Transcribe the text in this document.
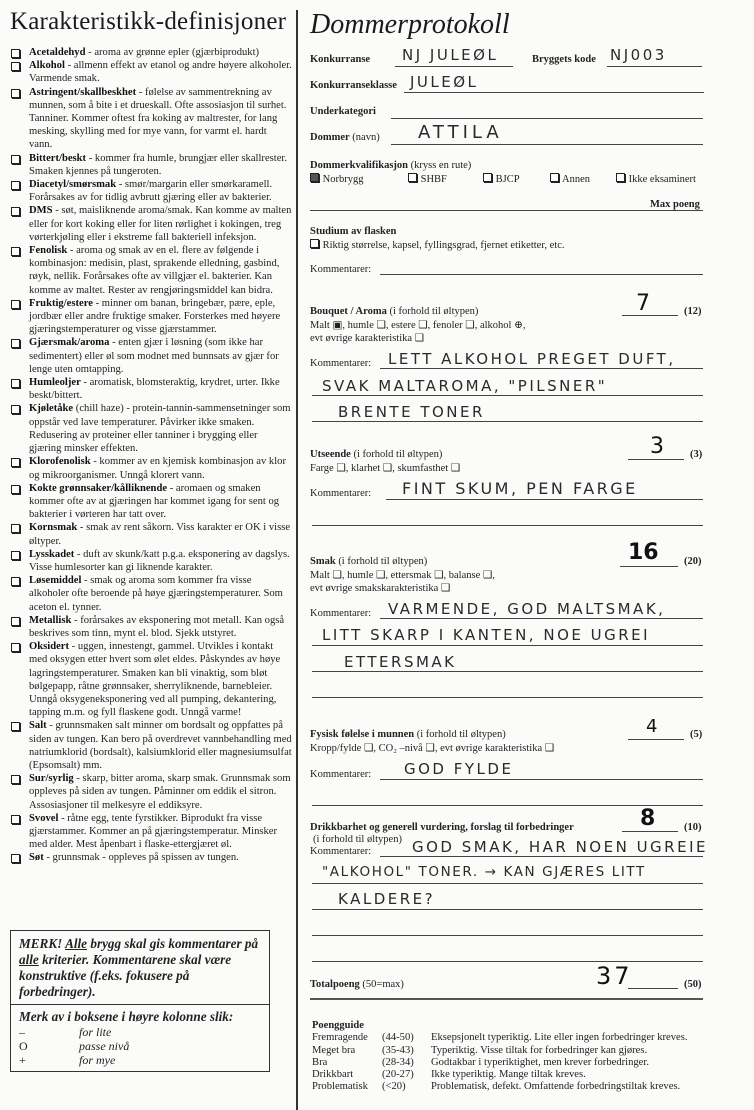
Karakteristikk-definisjoner
Acetaldehyd - aroma av grønne epler (gjærbiprodukt)
Alkohol - allmenn effekt av etanol og andre høyere alkoholer. Varmende smak.
Astringent/skallbeskhet - følelse av sammentrekning av munnen, som å bite i et drueskall. Ofte assosiasjon til surhet. Tanniner. Kommer oftest fra koking av maltrester, for lang mesking, skylling med for mye vann, for varmt el. hardt vann.
Bittert/beskt - kommer fra humle, brungjær eller skallrester. Smaken kjennes på tungeroten.
Diacetyl/smørsmak - smør/margarin eller smørkaramell. Forårsakes av for tidlig avbrutt gjæring eller av bakterier.
DMS - søt, maisliknende aroma/smak. Kan komme av malten eller for kort koking eller for liten rørlighet i kokingen, treg vørterkjøling eller i ekstreme fall bakteriell infeksjon.
Fenolisk - aroma og smak av en el. flere av følgende i kombinasjon: medisin, plast, sprakende elledning, gasbind, røyk, nellik. Forårsakes ofte av villgjær el. bakterier. Kan komme av maltet. Rester av rengjøringsmiddel kan bidra.
Fruktig/estere - minner om banan, bringebær, pære, eple, jordbær eller andre fruktige smaker. Forsterkes med høyere gjæringstemperaturer og visse gjærstammer.
Gjærsmak/aroma - enten gjær i løsning (som ikke har sedimentert) eller øl som modnet med bunnsats av gjær for lenge uten omtapping.
Humleoljer - aromatisk, blomsteraktig, krydret, urter. Ikke beskt/bittert.
Kjøletåke (chill haze) - protein-tannin-sammensetninger som oppstår ved lave temperaturer. Påvirker ikke smaken. Redusering av proteiner eller tanniner i brygging eller gjæring minsker effekten.
Klorofenolisk - kommer av en kjemisk kombinasjon av klor og mikroorganismer. Unngå klorert vann.
Kokte grønnsaker/kålliknende - aromaen og smaken kommer ofte av at gjæringen har kommet igang for sent og bakterier i vørteren har tatt over.
Kornsmak - smak av rent såkorn. Viss karakter er OK i visse øltyper.
Lysskadet - duft av skunk/katt p.g.a. eksponering av dagslys. Visse humlesorter kan gi liknende karakter.
Løsemiddel - smak og aroma som kommer fra visse alkoholer ofte beroende på høye gjæringstemperaturer. Som aceton el. tynner.
Metallisk - forårsakes av eksponering mot metall. Kan også beskrives som tinn, mynt el. blod. Sjekk utstyret.
Oksidert - uggen, innestengt, gammel. Utvikles i kontakt med oksygen etter hvert som ølet eldes. Påskyndes av høye lagringstemperaturer. Smaken kan bli vinaktig, som bløt bølgepapp, råtne grønnsaker, sherryliknende, barnebleier. Unngå oksygeneksponering ved all pumping, dekantering, tapping m.m. og fyll flaskene godt. Unngå varme!
Salt - grunnsmaken salt minner om bordsalt og oppfattes på siden av tungen. Kan bero på overdrevet vannbehandling med natriumklorid (bordsalt), kalsiumklorid eller magnesiumsulfat (Epsomsalt) mm.
Sur/syrlig - skarp, bitter aroma, skarp smak. Grunnsmak som oppleves på siden av tungen. Påminner om eddik el sitron. Assosiasjoner til melkesyre el eddiksyre.
Svovel - råtne egg, tente fyrstikker. Biprodukt fra visse gjærstammer. Kommer an på gjæringstemperatur. Minsker med alder. Mest åpenbart i flaske-ettergjæret øl.
Søt - grunnsmak - oppleves på spissen av tungen.
MERK! Alle brygg skal gis kommentarer på alle kriterier. Kommentarene skal være konstruktive (f.eks. fokusere på forbedringer).
Merk av i boksene i høyre kolonne slik:
–	for lite
O	passe nivå
+	for mye
Dommerprotokoll
Konkurranse NJ JULEØL	Bryggets kode NJ003
Konkurranseklasse JULEØL
Underkategori
Dommer (navn) ATTILA
Dommerkvalifikasjon (kryss en rute)
Norbrygg	SHBF	BJCP	Annen	Ikke eksaminert
Max poeng
Studium av flasken
Riktig størrelse, kapsel, fyllingsgrad, fjernet etiketter, etc.
Kommentarer:
Bouquet / Aroma (i forhold til øltypen)
Malt ▣, humle ❑, estere ❑, fenoler ❑, alkohol ⊕,
evt øvrige karakteristika ❑
7	(12)
Kommentarer: LETT ALKOHOL PREGET DUFT,
SVAK MALTAROMA, "PILSNER"
BRENTE TONER
Utseende (i forhold til øltypen)
Farge ❑, klarhet ❑, skumfasthet ❑
3 (3)
Kommentarer: FINT SKUM, PEN FARGE
Smak (i forhold til øltypen)
Malt ❑, humle ❑, ettersmak ❑, balanse ❑,
evt øvrige smakskarakteristika ❑
16 (20)
Kommentarer: VARMENDE, GOD MALTSMAK,
LITT SKARP I KANTEN, NOE UGREI
ETTERSMAK
Fysisk følelse i munnen (i forhold til øltypen)
Kropp/fylde ❑, CO₂ –nivå ❑, evt øvrige karakteristika ❑
4	(5)
Kommentarer: GOD FYLDE
Drikkbarhet og generell vurdering, forslag til forbedringer
(i forhold til øltypen)
8	(10)
Kommentarer:	GOD SMAK, HAR NOEN UGREIE
"ALKOHOL" TONER. → KAN GJÆRES LITT
KALDERE?
Totalpoeng (50=max)	37	(50)
Poengguide
Fremragende	(44-50)	Eksepsjonelt typeriktig. Lite eller ingen forbedringer kreves.
Meget bra	(35-43)	Typeriktig. Visse tiltak for forbedringer kan gjøres.
Bra	(28-34)	Godtakbar i typeriktighet, men krever forbedringer.
Drikkbart	(20-27)	Ikke typeriktig. Mange tiltak kreves.
Problematisk	(<20)	Problematisk, defekt. Omfattende forbedringstiltak kreves.
